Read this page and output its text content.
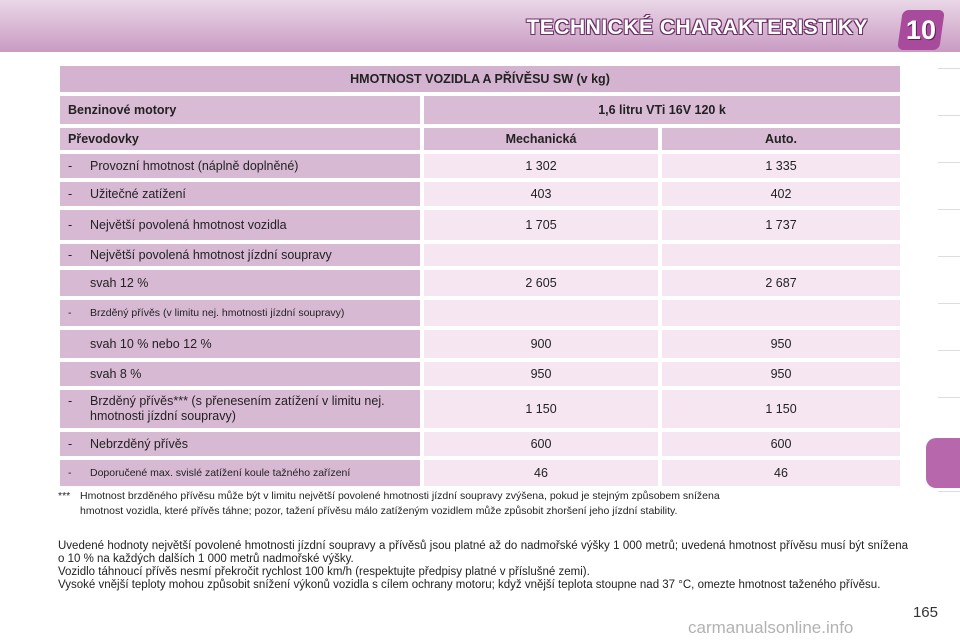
TECHNICKÉ CHARAKTERISTIKY 10
HMOTNOST VOZIDLA A PŘÍVĚSU SW (v kg)		
Benzinové motory	1,6 litru VTi 16V 120 k	
Převodovky	Mechanická	Auto.

- Provozní hmotnost (náplně doplněné)	1 302	1 335

- Užitečné zatížení	403	402

- Největší povolená hmotnost vozidla	1 705	1 737

- Největší povolená hmotnost jízdní soupravy		

svah 12 %	2 605	2 687

- Brzděný přívěs (v limitu nej. hmotnosti jízdní soupravy)		

svah 10 % nebo 12 %	900	950

svah 8 %	950	950

- Brzděný přívěs*** (s přenesením zatížení v limitu nej. hmotnosti jízdní soupravy)	1 150	1 150

- Nebrzděný přívěs	600	600

- Doporučené max. svislé zatížení koule tažného zařízení	46	46
*** Hmotnost brzděného přívěsu může být v limitu největší povolené hmotnosti jízdní soupravy zvýšena, pokud je stejným způsobem snížena
hmotnost vozidla, které přívěs táhne; pozor, tažení přívěsu málo zatíženým vozidlem může způsobit zhoršení jeho jízdní stability.
Uvedené hodnoty největší povolené hmotnosti jízdní soupravy a přívěsů jsou platné až do nadmořské výšky 1 000 metrů; uvedená hmotnost přívěsu musí být snížena o 10 % na každých dalších 1 000 metrů nadmořské výšky.
Vozidlo táhnoucí přívěs nesmí překročit rychlost 100 km/h (respektujte předpisy platné v příslušné zemi).
Vysoké vnější teploty mohou způsobit snížení výkonů vozidla s cílem ochrany motoru; když vnější teplota stoupne nad 37 °C, omezte hmotnost taženého přívěsu.
165
carmanualsonline.info
